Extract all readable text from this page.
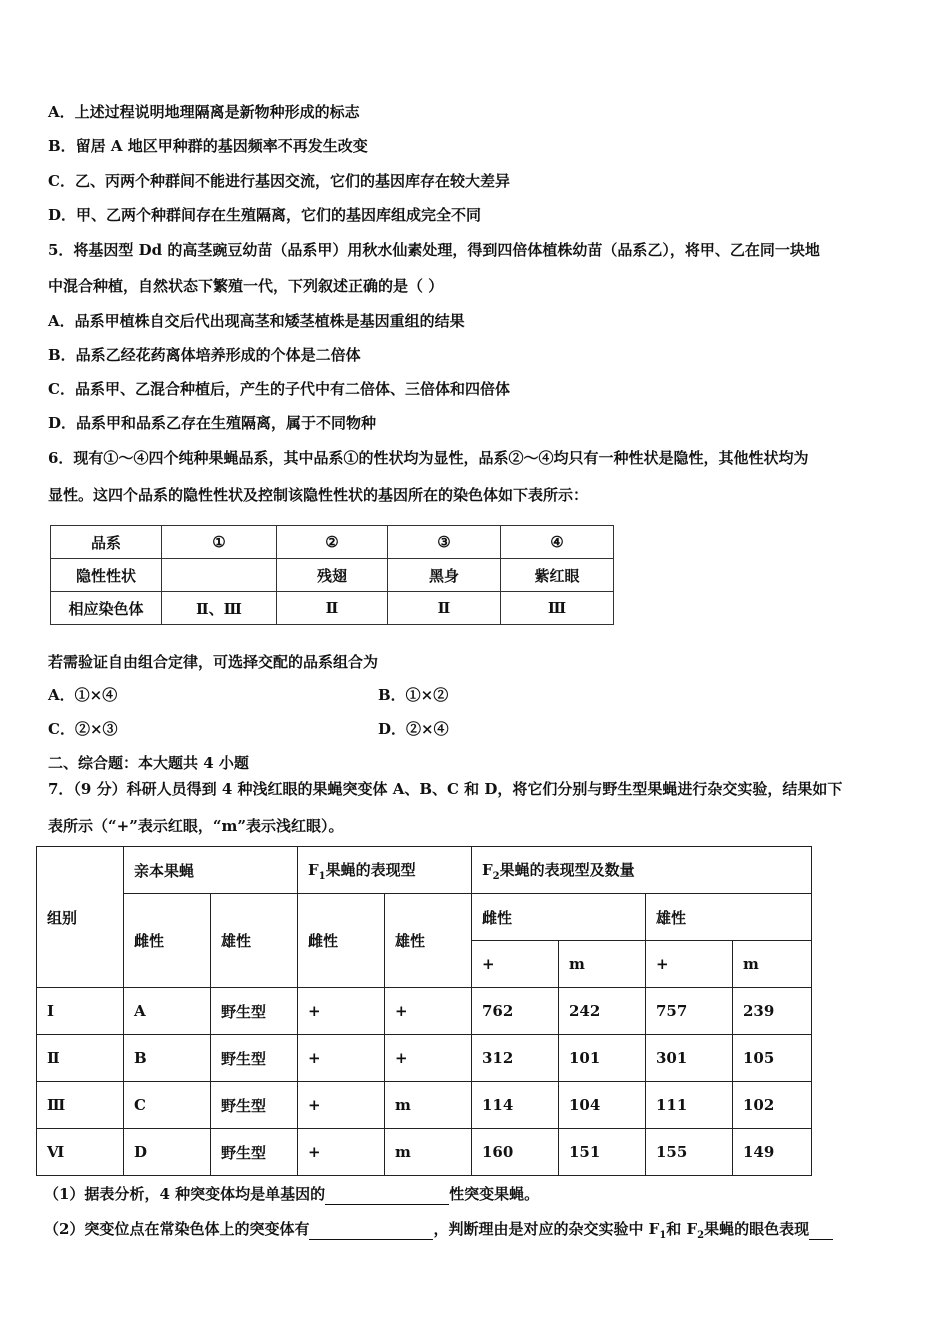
A．上述过程说明地理隔离是新物种形成的标志
B．留居 A 地区甲种群的基因频率不再发生改变
C．乙、丙两个种群间不能进行基因交流，它们的基因库存在较大差异
D．甲、乙两个种群间存在生殖隔离，它们的基因库组成完全不同
5．将基因型 Dd 的高茎豌豆幼苗（品系甲）用秋水仙素处理，得到四倍体植株幼苗（品系乙），将甲、乙在同一块地
中混合种植，自然状态下繁殖一代，下列叙述正确的是（ ）
A．品系甲植株自交后代出现高茎和矮茎植株是基因重组的结果
B．品系乙经花药离体培养形成的个体是二倍体
C．品系甲、乙混合种植后，产生的子代中有二倍体、三倍体和四倍体
D．品系甲和品系乙存在生殖隔离，属于不同物种
6．现有①～④四个纯种果蝇品系，其中品系①的性状均为显性，品系②～④均只有一种性状是隐性，其他性状均为
显性。这四个品系的隐性性状及控制该隐性性状的基因所在的染色体如下表所示：
品系	①	②	③	④
隐性性状		残翅	黑身	紫红眼
相应染色体	Ⅱ、Ⅲ	Ⅱ	Ⅱ	Ⅲ
若需验证自由组合定律，可选择交配的品系组合为
A．①×④	B．①×②
C．②×③	D．②×④
二、综合题：本大题共 4 小题
7．（9 分）科研人员得到 4 种浅红眼的果蝇突变体 A、B、C 和 D，将它们分别与野生型果蝇进行杂交实验，结果如下
表所示（“+”表示红眼，“m”表示浅红眼）。
组别	亲本果蝇		$F_1$果蝇的表现型		$F_2$果蝇的表现型及数量			
	雌性	雄性	雌性	雄性	雌性		雄性	
					+	m	+	m
I	A	野生型	+	+	762	242	757	239
Ⅱ	B	野生型	+	+	312	101	301	105
Ⅲ	C	野生型	+	m	114	104	111	102
Ⅵ	D	野生型	+	m	160	151	155	149
（1）据表分析，4 种突变体均是单基因的	性突变果蝇。
（2）突变位点在常染色体上的突变体有	，判断理由是对应的杂交实验中 $F_1$和 $F_2$果蝇的眼色表现
